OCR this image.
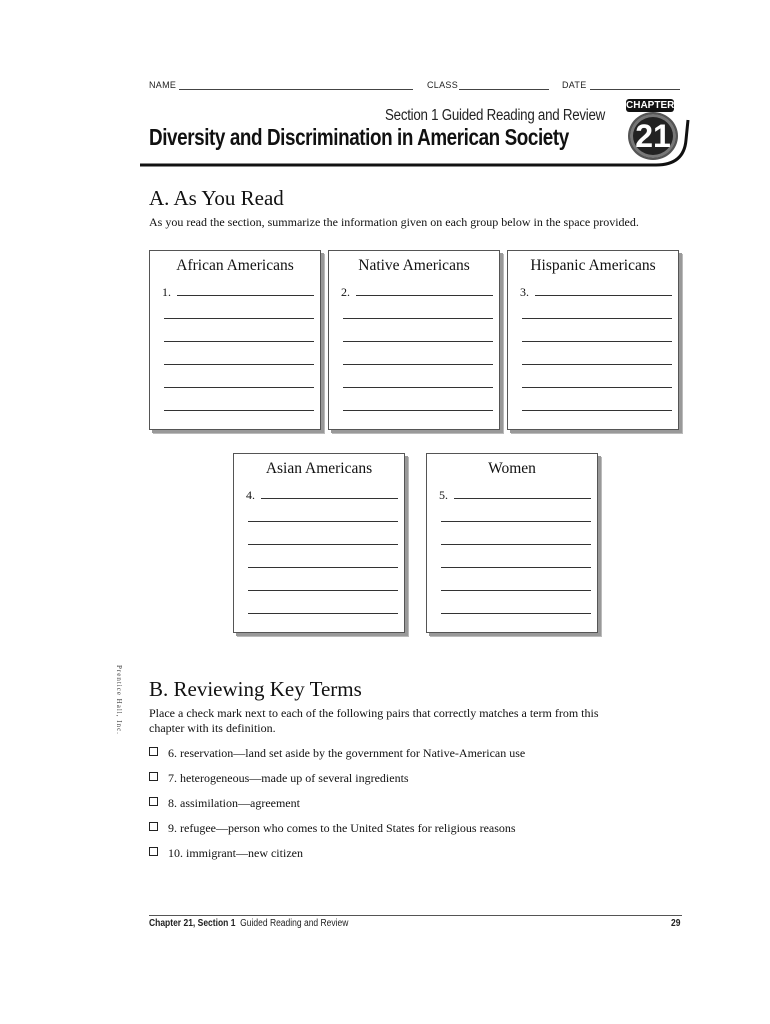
NAME	CLASS	DATE
Section 1 Guided Reading and Review
Diversity and Discrimination in American Society
CHAPTER
21
A. As You Read
As you read the section, summarize the information given on each group below in the space provided.
African Americans
1.
Native Americans
2.
Hispanic Americans
3.
Asian Americans
4.
Women
5.
Prentice Hall, Inc. B. Reviewing Key Terms
Place a check mark next to each of the following pairs that correctly matches a term from this
chapter with its definition.
6. reservation—land set aside by the government for Native-American use
7. heterogeneous—made up of several ingredients
8. assimilation—agreement
9. refugee—person who comes to the United States for religious reasons
10. immigrant—new citizen
Chapter 21, Section 1 Guided Reading and Review	29
